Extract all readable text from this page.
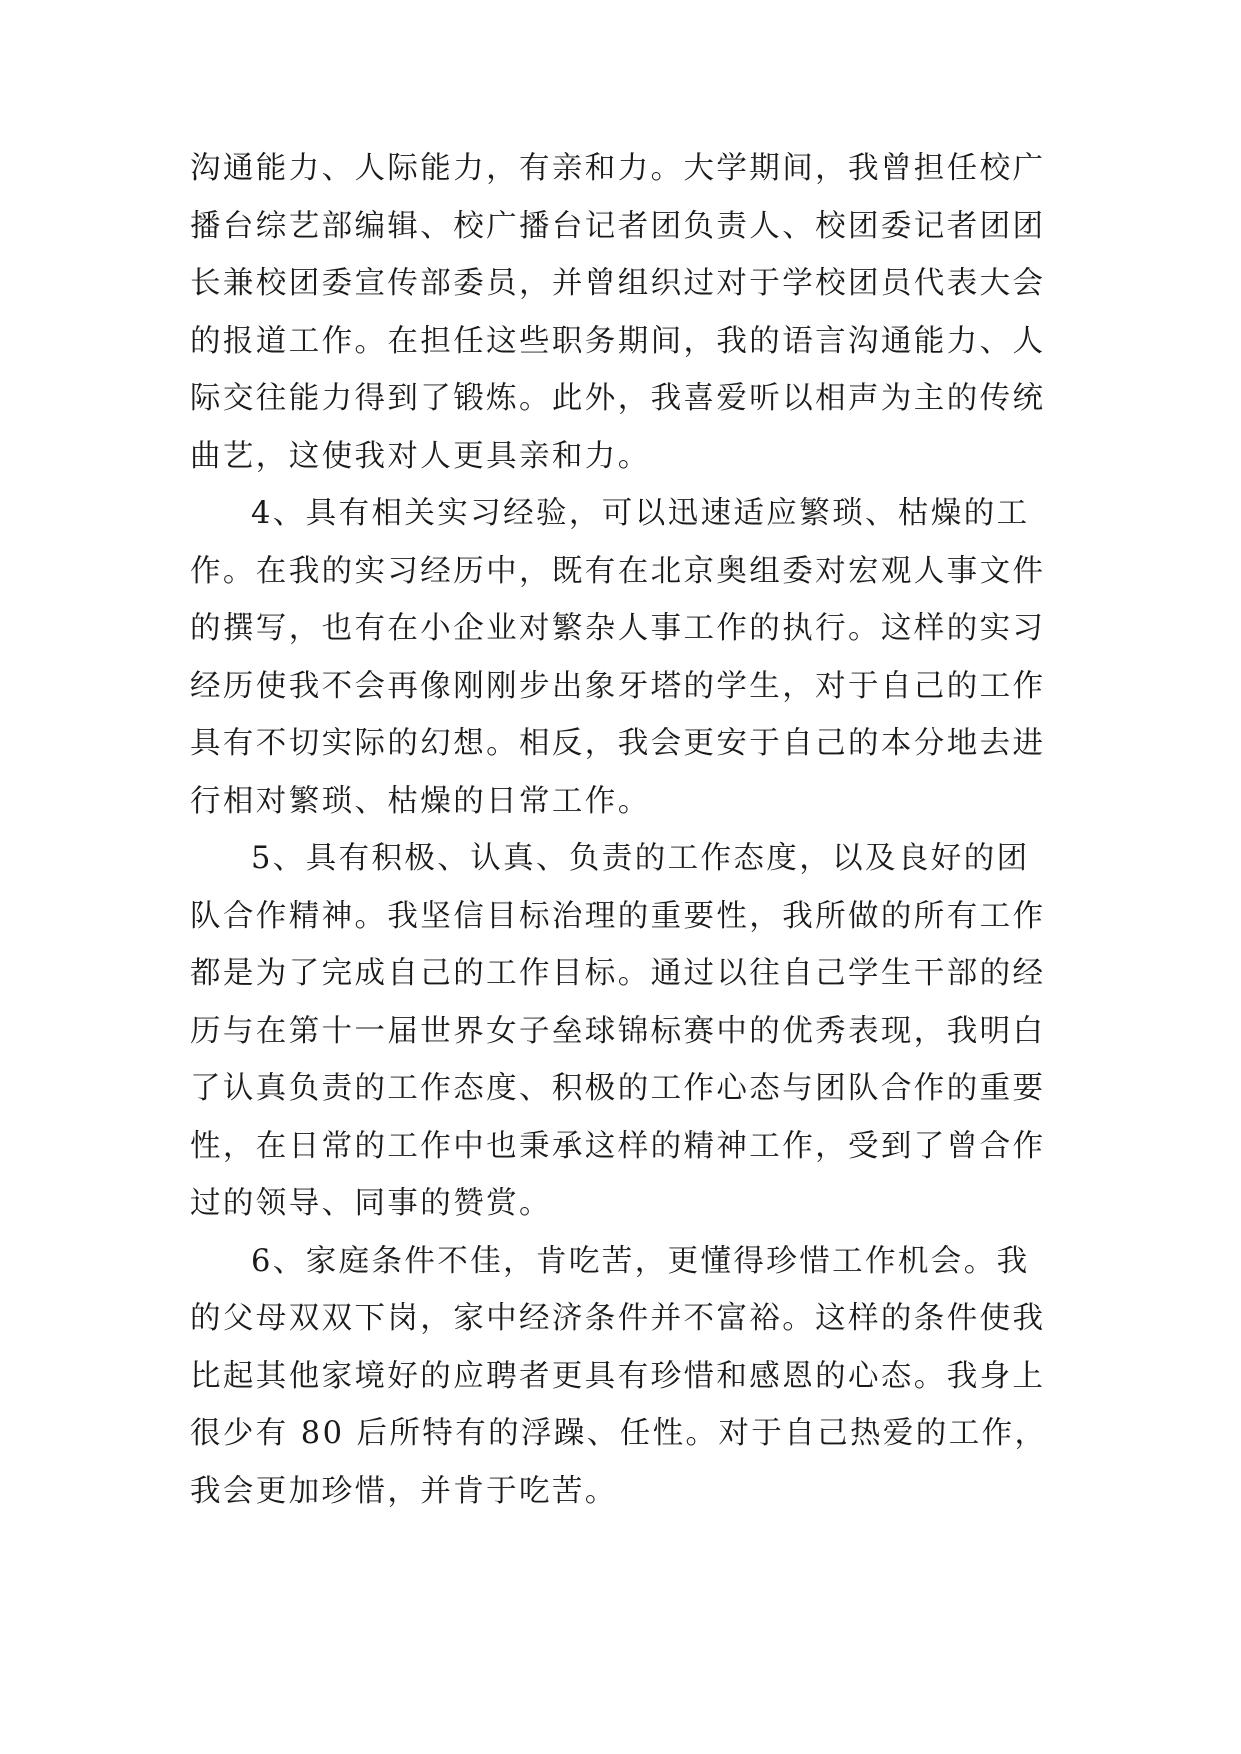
沟通能力、人际能力，有亲和力。大学期间，我曾担任校广
播台综艺部编辑、校广播台记者团负责人、校团委记者团团
长兼校团委宣传部委员，并曾组织过对于学校团员代表大会
的报道工作。在担任这些职务期间，我的语言沟通能力、人
际交往能力得到了锻炼。此外，我喜爱听以相声为主的传统
曲艺，这使我对人更具亲和力。

4、具有相关实习经验，可以迅速适应繁琐、枯燥的工
作。在我的实习经历中，既有在北京奥组委对宏观人事文件
的撰写，也有在小企业对繁杂人事工作的执行。这样的实习
经历使我不会再像刚刚步出象牙塔的学生，对于自己的工作
具有不切实际的幻想。相反，我会更安于自己的本分地去进
行相对繁琐、枯燥的日常工作。

5、具有积极、认真、负责的工作态度，以及良好的团
队合作精神。我坚信目标治理的重要性，我所做的所有工作
都是为了完成自己的工作目标。通过以往自己学生干部的经
历与在第十一届世界女子垒球锦标赛中的优秀表现，我明白
了认真负责的工作态度、积极的工作心态与团队合作的重要
性，在日常的工作中也秉承这样的精神工作，受到了曾合作
过的领导、同事的赞赏。

6、家庭条件不佳，肯吃苦，更懂得珍惜工作机会。我
的父母双双下岗，家中经济条件并不富裕。这样的条件使我
比起其他家境好的应聘者更具有珍惜和感恩的心态。我身上
很少有 80 后所特有的浮躁、任性。对于自己热爱的工作，
我会更加珍惜，并肯于吃苦。
